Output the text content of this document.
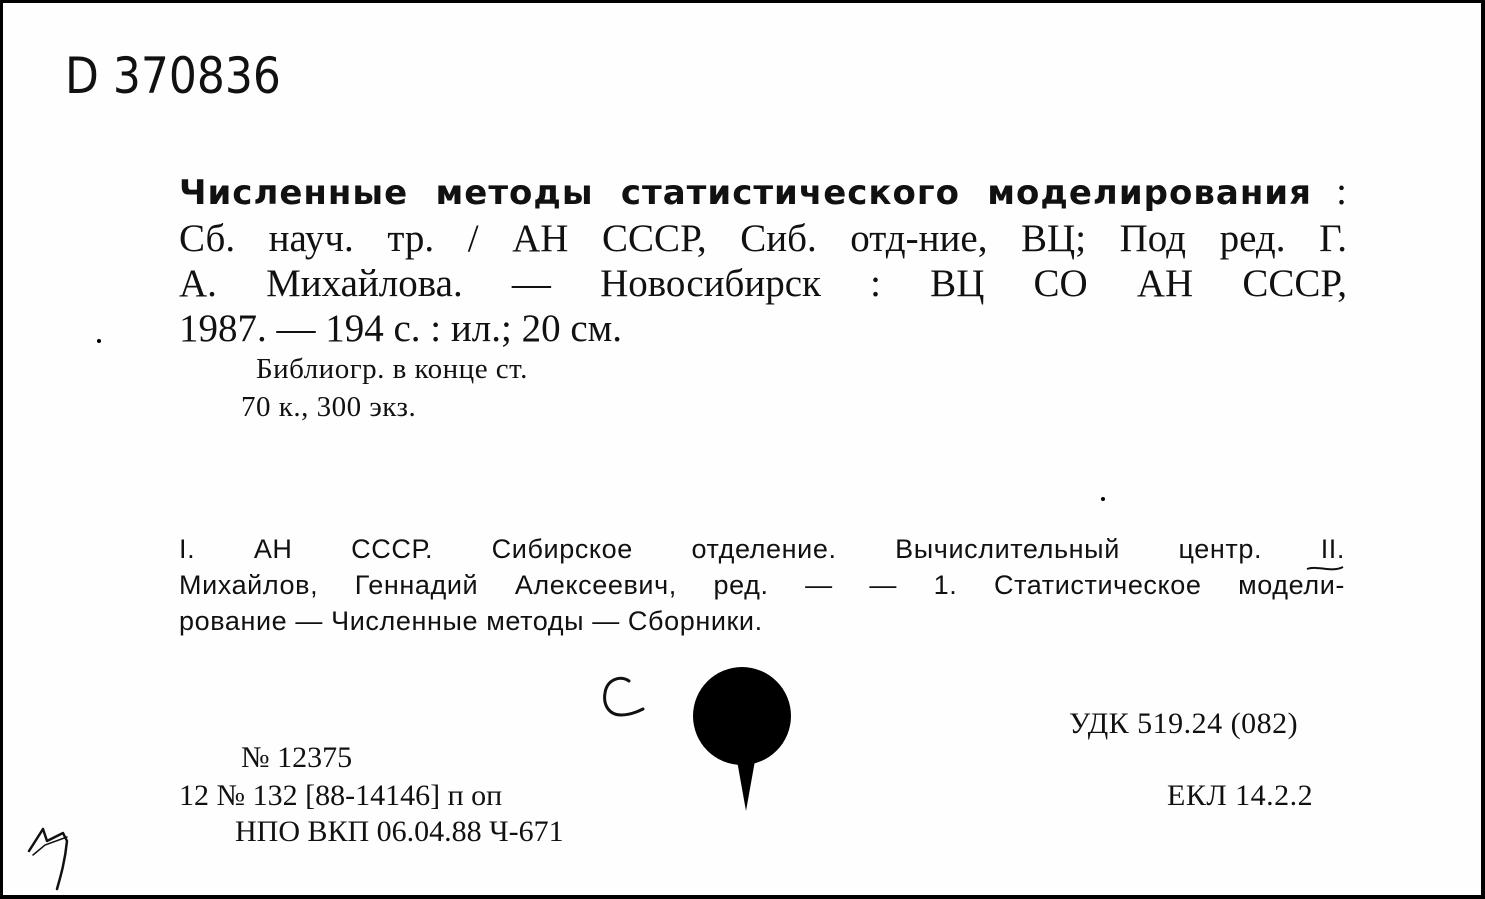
D 370836
Численные методы статистического моделирования :
Сб. науч. тр. / АН СССР, Сиб. отд-ние, ВЦ; Под ред. Г.
А. Михайлова. — Новосибирск : ВЦ СО АН СССР,
1987. — 194 с. : ил.; 20 см.
Библиогр. в конце ст.
70 к., 300 экз.
I. АН СССР. Сибирское отделение. Вычислительный центр. II.
Михайлов, Геннадий Алексеевич, ред. — — 1. Статистическое модели-
рование — Численные методы — Сборники.
№ 12375
12 № 132 [88-14146] п оп
НПО ВКП 06.04.88 Ч-671
УДК 519.24 (082)
ЕКЛ 14.2.2
